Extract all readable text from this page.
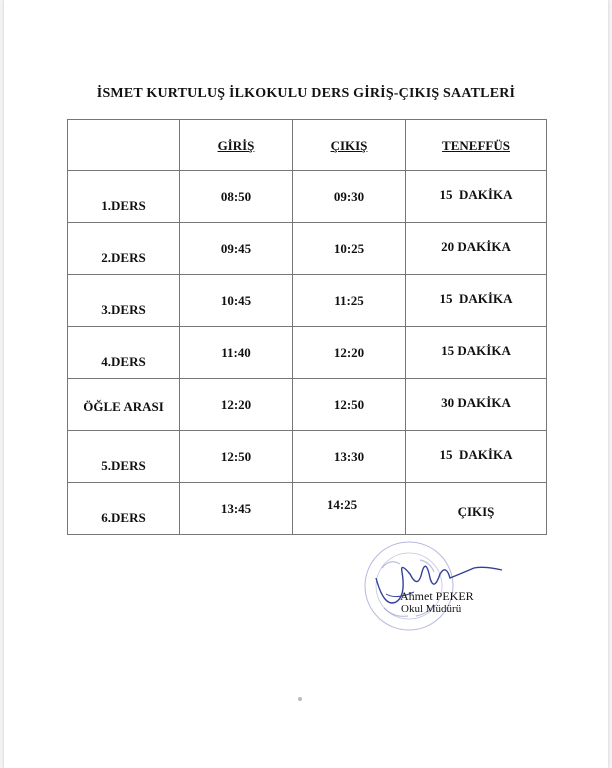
İSMET KURTULUŞ İLKOKULU DERS GİRİŞ-ÇIKIŞ SAATLERİ
	GİRİŞ	ÇIKIŞ	TENEFFÜS

1.DERS	08:50	09:30	15  DAKİKA

2.DERS	09:45	10:25	20 DAKİKA

3.DERS	10:45	11:25	15  DAKİKA

4.DERS	11:40	12:20	15 DAKİKA

ÖĞLE ARASI	12:20	12:50	30 DAKİKA

5.DERS	12:50	13:30	15  DAKİKA

6.DERS	13:45	14:25	ÇIKIŞ
Ahmet PEKER
Okul Müdürü
